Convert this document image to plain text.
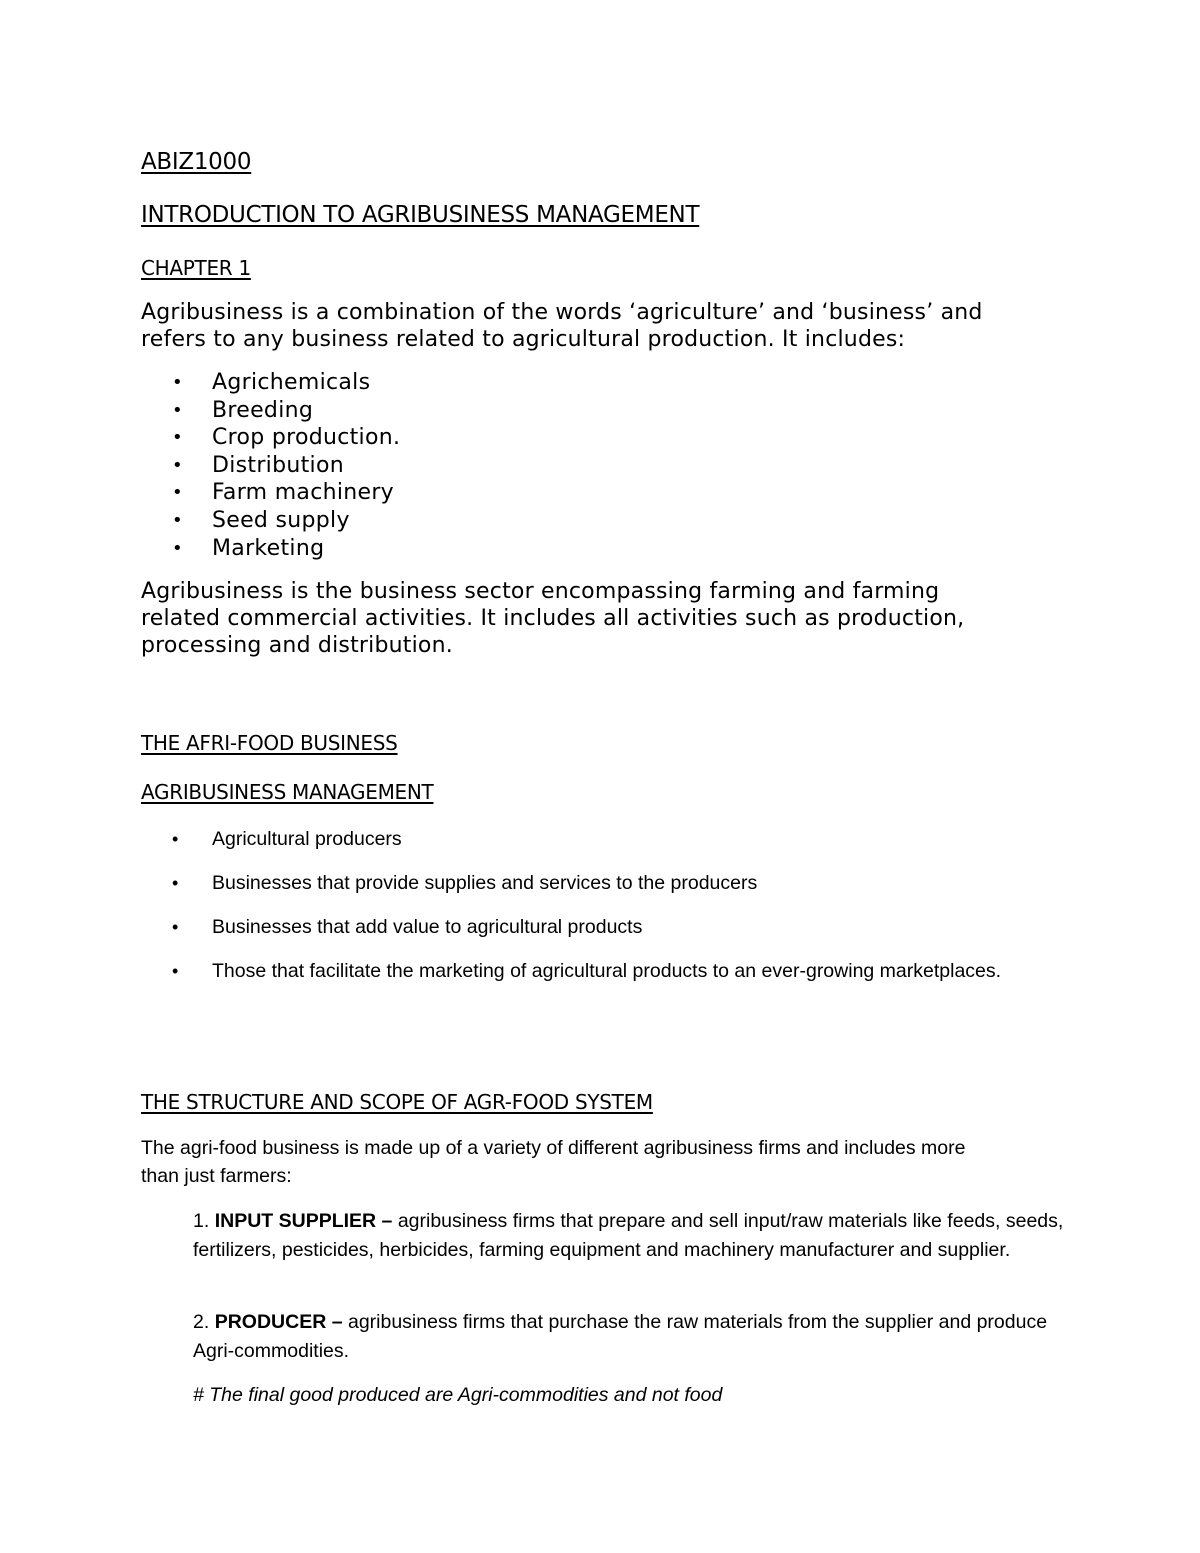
ABIZ1000
INTRODUCTION TO AGRIBUSINESS MANAGEMENT
CHAPTER 1
Agribusiness is a combination of the words ‘agriculture’ and ‘business’ and
refers to any business related to agricultural production. It includes:
• Agrichemicals
• Breeding
• Crop production.
• Distribution
• Farm machinery
• Seed supply
• Marketing
Agribusiness is the business sector encompassing farming and farming
related commercial activities. It includes all activities such as production,
processing and distribution.
THE AFRI-FOOD BUSINESS
AGRIBUSINESS MANAGEMENT
• Agricultural producers
• Businesses that provide supplies and services to the producers
• Businesses that add value to agricultural products
• Those that facilitate the marketing of agricultural products to an ever-growing marketplaces.
THE STRUCTURE AND SCOPE OF AGR-FOOD SYSTEM
The agri-food business is made up of a variety of different agribusiness firms and includes more
than just farmers:
1. INPUT SUPPLIER – agribusiness firms that prepare and sell input/raw materials like feeds, seeds, fertilizers, pesticides, herbicides, farming equipment and machinery manufacturer and supplier.
2. PRODUCER – agribusiness firms that purchase the raw materials from the supplier and produce Agri-commodities.
# The final good produced are Agri-commodities and not food
